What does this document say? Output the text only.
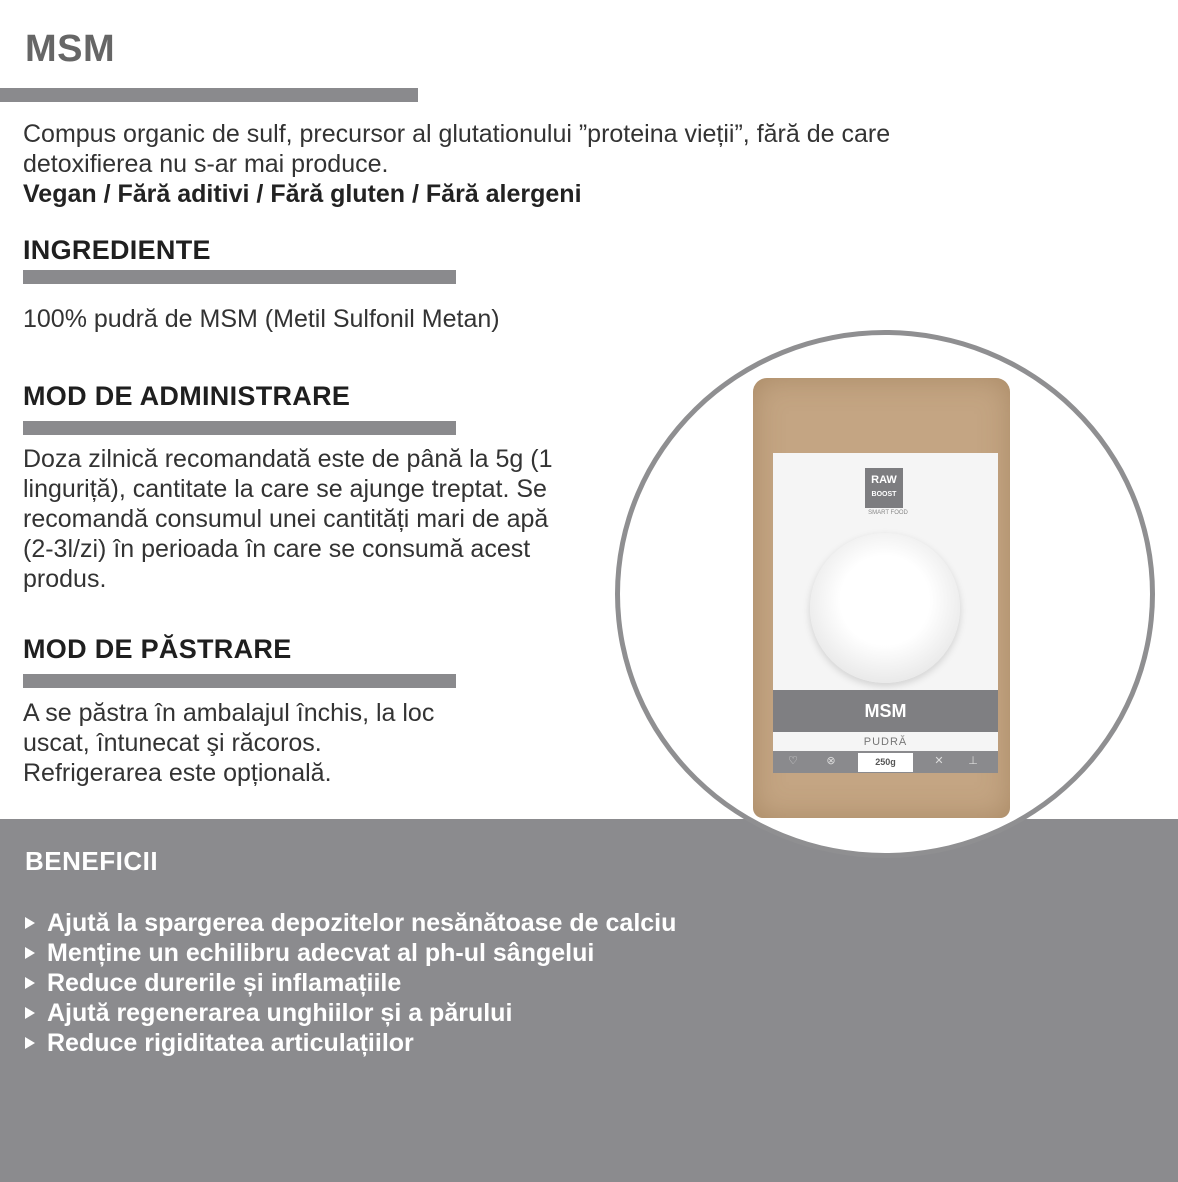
MSM

Compus organic de sulf, precursor al glutationului ”proteina vieții”, fără de care detoxifierea nu s-ar mai produce.

Vegan / Fără aditivi / Fără gluten / Fără alergeni

INGREDIENTE

100% pudră de MSM (Metil Sulfonil Metan)

MOD DE ADMINISTRARE

Doza zilnică recomandată este de până la 5g (1 linguriță), cantitate la care se ajunge treptat. Se recomandă consumul unei cantități mari de apă (2-3l/zi) în perioada în care se consumă acest produs.

MOD DE PĂSTRARE

A se păstra în ambalajul închis, la loc uscat, întunecat şi răcoros. Refrigerarea este opțională.

BENEFICII
Ajută la spargerea depozitelor nesănătoase de calciu
Menține un echilibru adecvat al ph-ul sângelui
Reduce durerile și inflamațiile
Ajută regenerarea unghiilor și a părului
Reduce rigiditatea articulațiilor
RAW
BOOST
SMART FOOD
MSM
PUDRĂ
♡	⊗	250g	✕	⊥
